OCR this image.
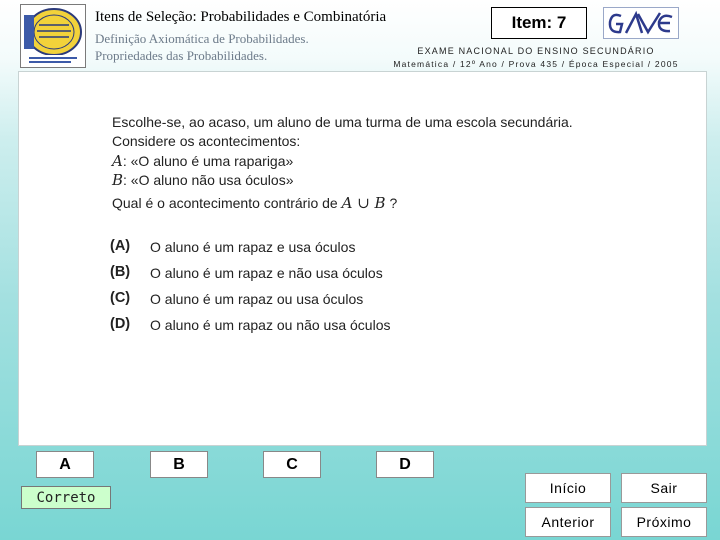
Itens de Seleção: Probabilidades e Combinatória
Definição Axiomática de Probabilidades.
Propriedades das Probabilidades.
Item: 7
EXAME NACIONAL DO ENSINO SECUNDÁRIO
Matemática / 12º Ano / Prova 435 / Época Especial / 2005
Escolhe-se, ao acaso, um aluno de uma turma de uma escola secundária.
Considere os acontecimentos:
A: «O aluno é uma rapariga»
B: «O aluno não usa óculos»
Qual é o acontecimento contrário de A ∪ B ?
(A) O aluno é um rapaz e usa óculos
(B) O aluno é um rapaz e não usa óculos
(C) O aluno é um rapaz ou usa óculos
(D) O aluno é um rapaz ou não usa óculos
A	B	C	D
Correto
Início	Sair
Anterior	Próximo
